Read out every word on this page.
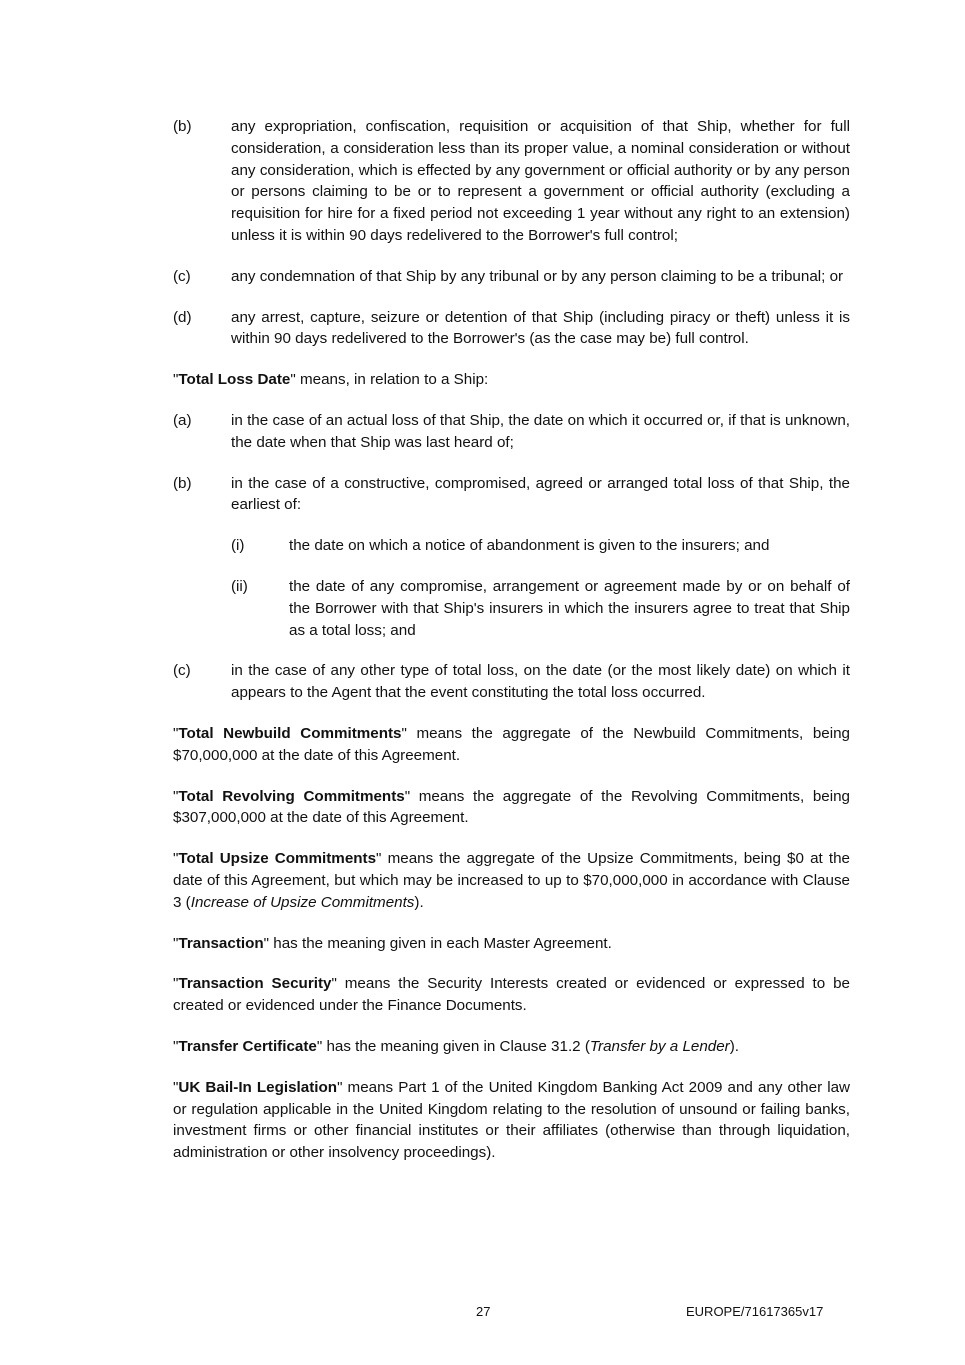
(b)	any expropriation, confiscation, requisition or acquisition of that Ship, whether for full consideration, a consideration less than its proper value, a nominal consideration or without any consideration, which is effected by any government or official authority or by any person or persons claiming to be or to represent a government or official authority (excluding a requisition for hire for a fixed period not exceeding 1 year without any right to an extension) unless it is within 90 days redelivered to the Borrower's full control;
(c)	any condemnation of that Ship by any tribunal or by any person claiming to be a tribunal; or
(d)	any arrest, capture, seizure or detention of that Ship (including piracy or theft) unless it is within 90 days redelivered to the Borrower's (as the case may be) full control.
"Total Loss Date" means, in relation to a Ship:
(a)	in the case of an actual loss of that Ship, the date on which it occurred or, if that is unknown, the date when that Ship was last heard of;
(b)	in the case of a constructive, compromised, agreed or arranged total loss of that Ship, the earliest of:
(i)	the date on which a notice of abandonment is given to the insurers; and
(ii)	the date of any compromise, arrangement or agreement made by or on behalf of the Borrower with that Ship's insurers in which the insurers agree to treat that Ship as a total loss; and
(c)	in the case of any other type of total loss, on the date (or the most likely date) on which it appears to the Agent that the event constituting the total loss occurred.
"Total Newbuild Commitments" means the aggregate of the Newbuild Commitments, being $70,000,000 at the date of this Agreement.
"Total Revolving Commitments" means the aggregate of the Revolving Commitments, being $307,000,000 at the date of this Agreement.
"Total Upsize Commitments" means the aggregate of the Upsize Commitments, being $0 at the date of this Agreement, but which may be increased to up to $70,000,000 in accordance with Clause 3 (Increase of Upsize Commitments).
"Transaction" has the meaning given in each Master Agreement.
"Transaction Security" means the Security Interests created or evidenced or expressed to be created or evidenced under the Finance Documents.
"Transfer Certificate" has the meaning given in Clause 31.2 (Transfer by a Lender).
"UK Bail-In Legislation" means Part 1 of the United Kingdom Banking Act 2009 and any other law or regulation applicable in the United Kingdom relating to the resolution of unsound or failing banks, investment firms or other financial institutes or their affiliates (otherwise than through liquidation, administration or other insolvency proceedings).
27	EUROPE/71617365v17
